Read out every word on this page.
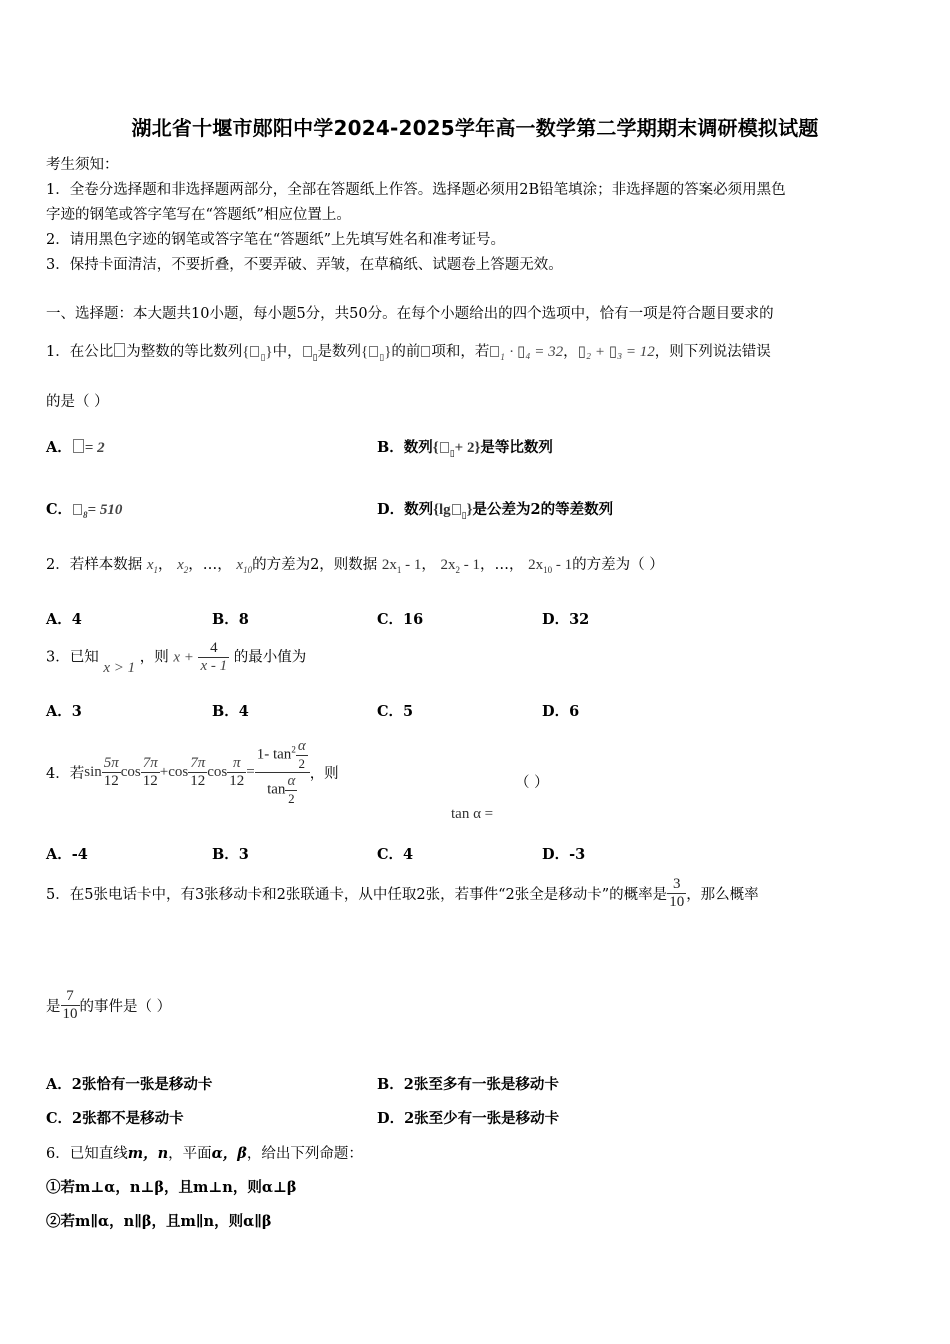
湖北省十堰市郧阳中学2024-2025学年高一数学第二学期期末调研模拟试题
考生须知：
1．全卷分选择题和非选择题两部分，全部在答题纸上作答。选择题必须用2B铅笔填涂；非选择题的答案必须用黑色
字迹的钢笔或答字笔写在“答题纸”相应位置上。
2．请用黑色字迹的钢笔或答字笔在“答题纸”上先填写姓名和准考证号。
3．保持卡面清洁，不要折叠，不要弄破、弄皱，在草稿纸、试题卷上答题无效。
一、选择题：本大题共10小题，每小题5分，共50分。在每个小题给出的四个选项中，恰有一项是符合题目要求的
1．在公比 为整数的等比数列{ $_▯$}中， $_▯$是数列{ $_▯$}的前 项和，若 $_1$ · ▯₄ = 32，▯₂ + ▯₃ = 12，则下列说法错误
的是（ ）
A． = 2	B．数列{ $_▯$+ 2}是等比数列
C． $_8$= 510	D．数列{lg $_▯$}是公差为2的等差数列
2．若样本数据 $x_1$， $x_2$，…， $x_{10}$的方差为2，则数据 $2x_1 - 1$， $2x_2 - 1$，…， $2x_{10} - 1$的方差为（ ）
A．4	B．8	C．16	D．32
3．已知 x > 1 ，则 $x + \frac{4}{x - 1}$ 的最小值为
A．3	B．4	C．5	D．6
4．若$\sin \frac{5\pi}{12}$ $\cos \frac{7\pi}{12} +\cos \frac{7\pi}{12}$ $\cos \frac{\pi}{12} = \frac{1- \tan^2 \frac{\alpha}{2}}{\tan \frac{\alpha}{2}}$ ，则
（ ）
tan α =
A．-4	B．3	C．4	D．-3
5．在5张电话卡中，有3张移动卡和2张联通卡，从中任取2张，若事件“2张全是移动卡”的概率是 $\frac{3}{10}$ ，那么概率
是 $\frac{7}{10}$ 的事件是（ ）
A．2张恰有一张是移动卡	B．2张至多有一张是移动卡
C．2张都不是移动卡	D．2张至少有一张是移动卡
6．已知直线m，n，平面α，β，给出下列命题：
①若m⊥α，n⊥β，且m⊥n，则α⊥β
②若m∥α，n∥β，且m∥n，则α∥β
